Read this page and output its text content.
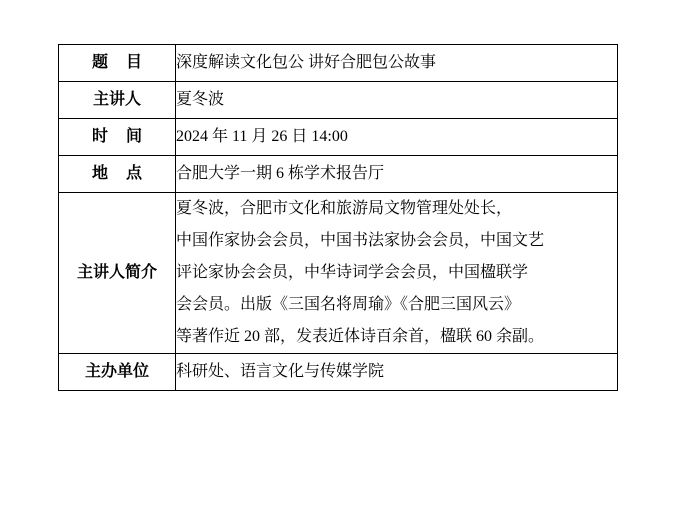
题 目	深度解读文化包公 讲好合肥包公故事
主讲人	夏冬波
时 间	2024 年 11 月 26 日 14:00
地 点	合肥大学一期 6 栋学术报告厅
主讲人简介	夏冬波，合肥市文化和旅游局文物管理处处长，

中国作家协会会员，中国书法家协会会员，中国文艺

评论家协会会员，中华诗词学会会员，中国楹联学

会会员。出版《三国名将周瑜》《合肥三国风云》

等著作近 20 部，发表近体诗百余首，楹联 60 余副。

主办单位	科研处、语言文化与传媒学院
